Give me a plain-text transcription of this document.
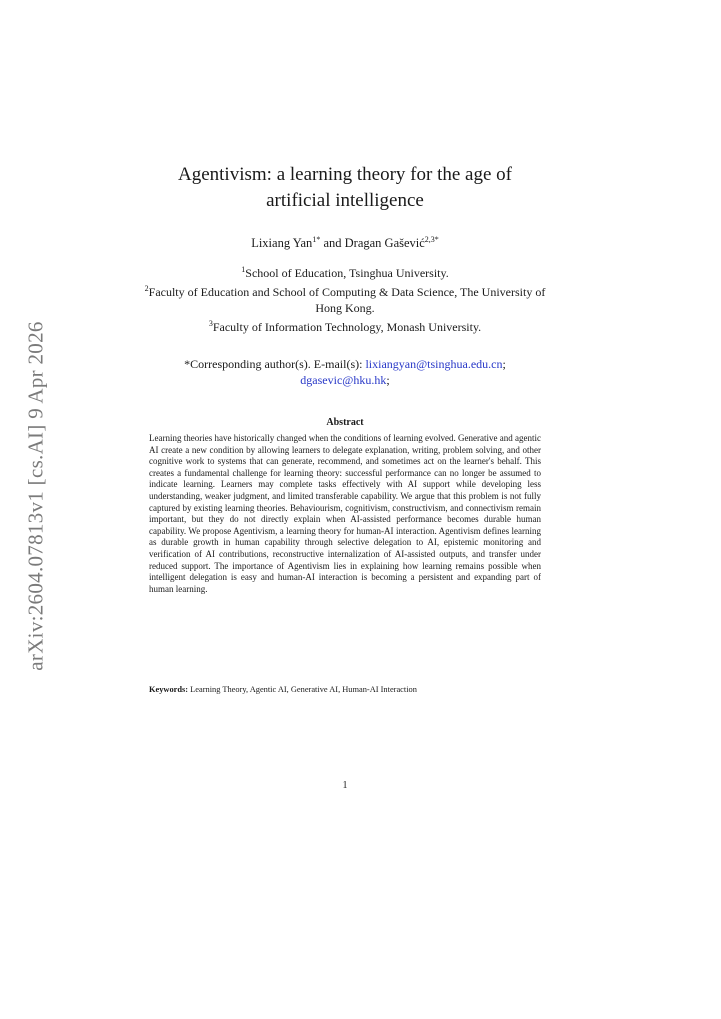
arXiv:2604.07813v1 [cs.AI] 9 Apr 2026
Agentivism: a learning theory for the age of
artificial intelligence
Lixiang Yan$^{1*}$ and Dragan Gašević$^{2,3*}$
$^1$School of Education, Tsinghua University.
$^2$Faculty of Education and School of Computing & Data Science, The University of Hong Kong.
$^3$Faculty of Information Technology, Monash University.
*Corresponding author(s). E-mail(s): lixiangyan@tsinghua.edu.cn;
dgasevic@hku.hk;
Abstract
Learning theories have historically changed when the conditions of learning evolved. Generative and agentic AI create a new condition by allowing learners to delegate explanation, writing, problem solving, and other cognitive work to systems that can generate, recommend, and sometimes act on the learner's behalf. This creates a fundamental challenge for learning theory: successful performance can no longer be assumed to indicate learning. Learners may complete tasks effectively with AI support while developing less understanding, weaker judgment, and limited transferable capability. We argue that this problem is not fully captured by existing learning theories. Behaviourism, cognitivism, constructivism, and connectivism remain important, but they do not directly explain when AI-assisted performance becomes durable human capability. We propose Agentivism, a learning theory for human-AI interaction. Agentivism defines learning as durable growth in human capability through selective delegation to AI, epistemic monitoring and verification of AI contributions, reconstructive internalization of AI-assisted outputs, and transfer under reduced support. The importance of Agentivism lies in explaining how learning remains possible when intelligent delegation is easy and human-AI interaction is becoming a persistent and expanding part of human learning.
Keywords: Learning Theory, Agentic AI, Generative AI, Human-AI Interaction
1
